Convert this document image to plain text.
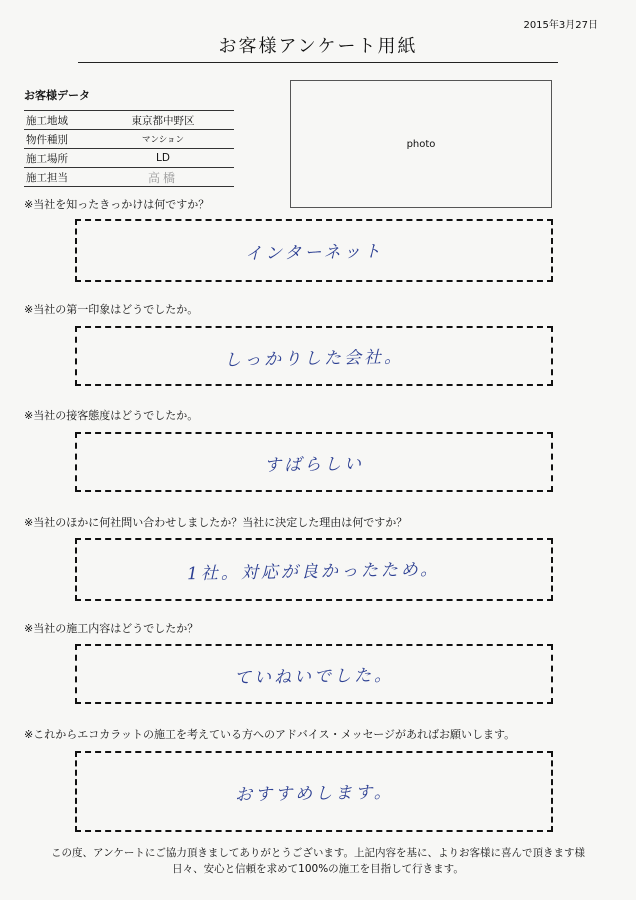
2015年3月27日
お客様アンケート用紙
お客様データ
施工地域	東京都中野区
物件種別	マンション
施工場所	LD
施工担当	高橋
photo
※当社を知ったきっかけは何ですか？
インターネット
※当社の第一印象はどうでしたか。
しっかりした会社。
※当社の接客態度はどうでしたか。
すばらしい
※当社のほかに何社問い合わせしましたか？当社に決定した理由は何ですか？
1社。対応が良かったため。
※当社の施工内容はどうでしたか？
ていねいでした。
※これからエコカラットの施工を考えている方へのアドバイス・メッセージがあればお願いします。
おすすめします。
この度、アンケートにご協力頂きましてありがとうございます。上記内容を基に、よりお客様に喜んで頂きます様
日々、安心と信頼を求めて100%の施工を目指して行きます。
